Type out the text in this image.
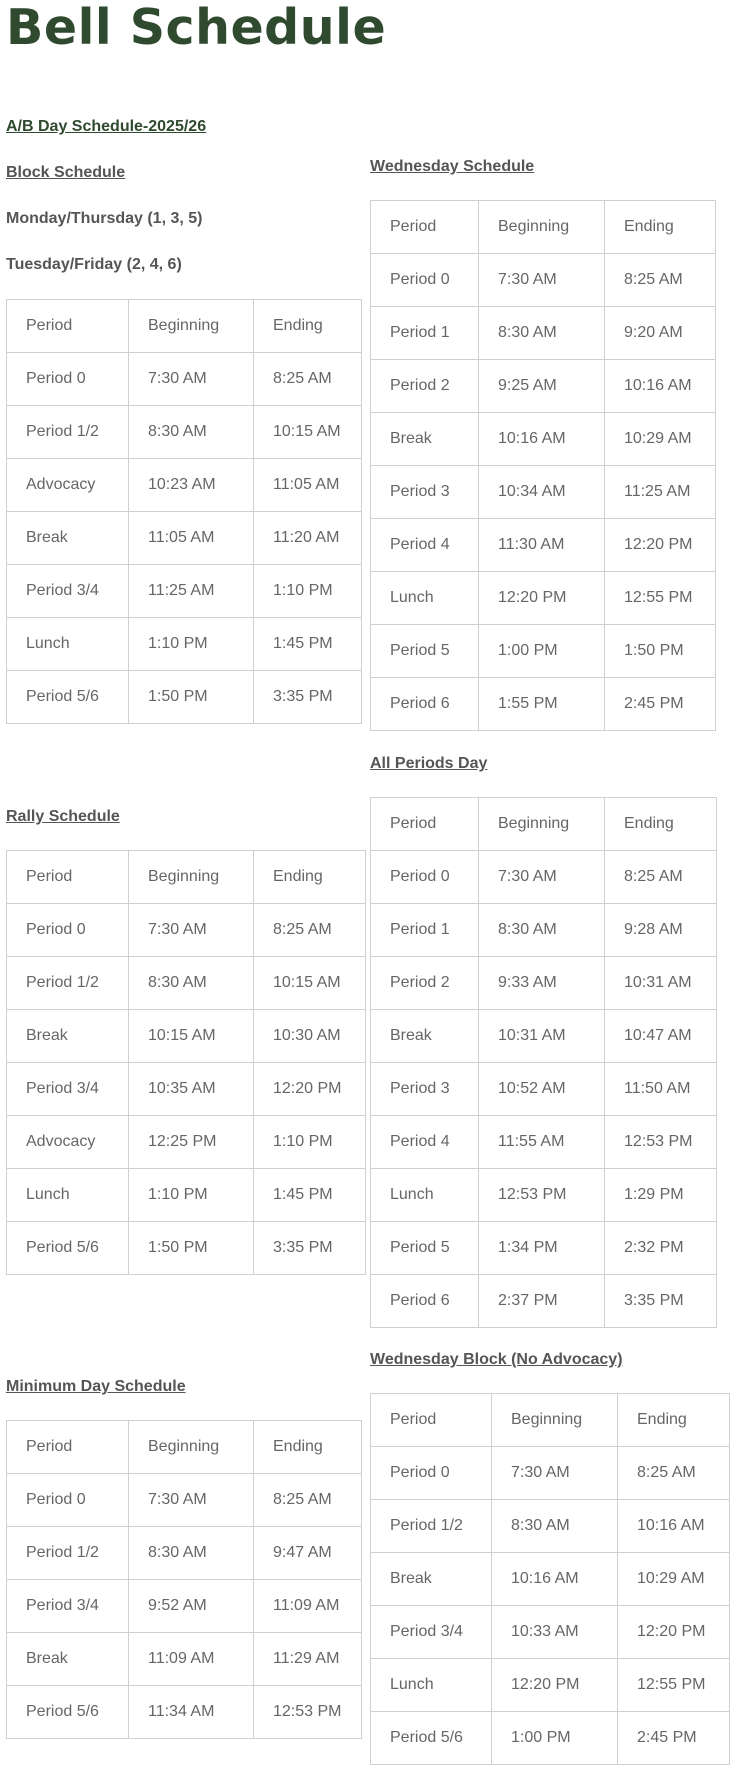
Bell Schedule
A/B Day Schedule-2025/26
Block Schedule
Monday/Thursday (1, 3, 5)
Tuesday/Friday (2, 4, 6)
Period	Beginning	Ending
Period 0	7:30 AM	8:25 AM
Period 1/2	8:30 AM	10:15 AM
Advocacy	10:23 AM	11:05 AM
Break	11:05 AM	11:20 AM
Period 3/4	11:25 AM	1:10 PM
Lunch	1:10 PM	1:45 PM
Period 5/6	1:50 PM	3:35 PM
Wednesday Schedule
Period	Beginning	Ending
Period 0	7:30 AM	8:25 AM
Period 1	8:30 AM	9:20 AM
Period 2	9:25 AM	10:16 AM
Break	10:16 AM	10:29 AM
Period 3	10:34 AM	11:25 AM
Period 4	11:30 AM	12:20 PM
Lunch	12:20 PM	12:55 PM
Period 5	1:00 PM	1:50 PM
Period 6	1:55 PM	2:45 PM
Rally Schedule
Period	Beginning	Ending
Period 0	7:30 AM	8:25 AM
Period 1/2	8:30 AM	10:15 AM
Break	10:15 AM	10:30 AM
Period 3/4	10:35 AM	12:20 PM
Advocacy	12:25 PM	1:10 PM
Lunch	1:10 PM	1:45 PM
Period 5/6	1:50 PM	3:35 PM
All Periods Day
Period	Beginning	Ending
Period 0	7:30 AM	8:25 AM
Period 1	8:30 AM	9:28 AM
Period 2	9:33 AM	10:31 AM
Break	10:31 AM	10:47 AM
Period 3	10:52 AM	11:50 AM
Period 4	11:55 AM	12:53 PM
Lunch	12:53 PM	1:29 PM
Period 5	1:34 PM	2:32 PM
Period 6	2:37 PM	3:35 PM
Minimum Day Schedule
Period	Beginning	Ending
Period 0	7:30 AM	8:25 AM
Period 1/2	8:30 AM	9:47 AM
Period 3/4	9:52 AM	11:09 AM
Break	11:09 AM	11:29 AM
Period 5/6	11:34 AM	12:53 PM
Wednesday Block (No Advocacy)
Period	Beginning	Ending
Period 0	7:30 AM	8:25 AM
Period 1/2	8:30 AM	10:16 AM
Break	10:16 AM	10:29 AM
Period 3/4	10:33 AM	12:20 PM
Lunch	12:20 PM	12:55 PM
Period 5/6	1:00 PM	2:45 PM
